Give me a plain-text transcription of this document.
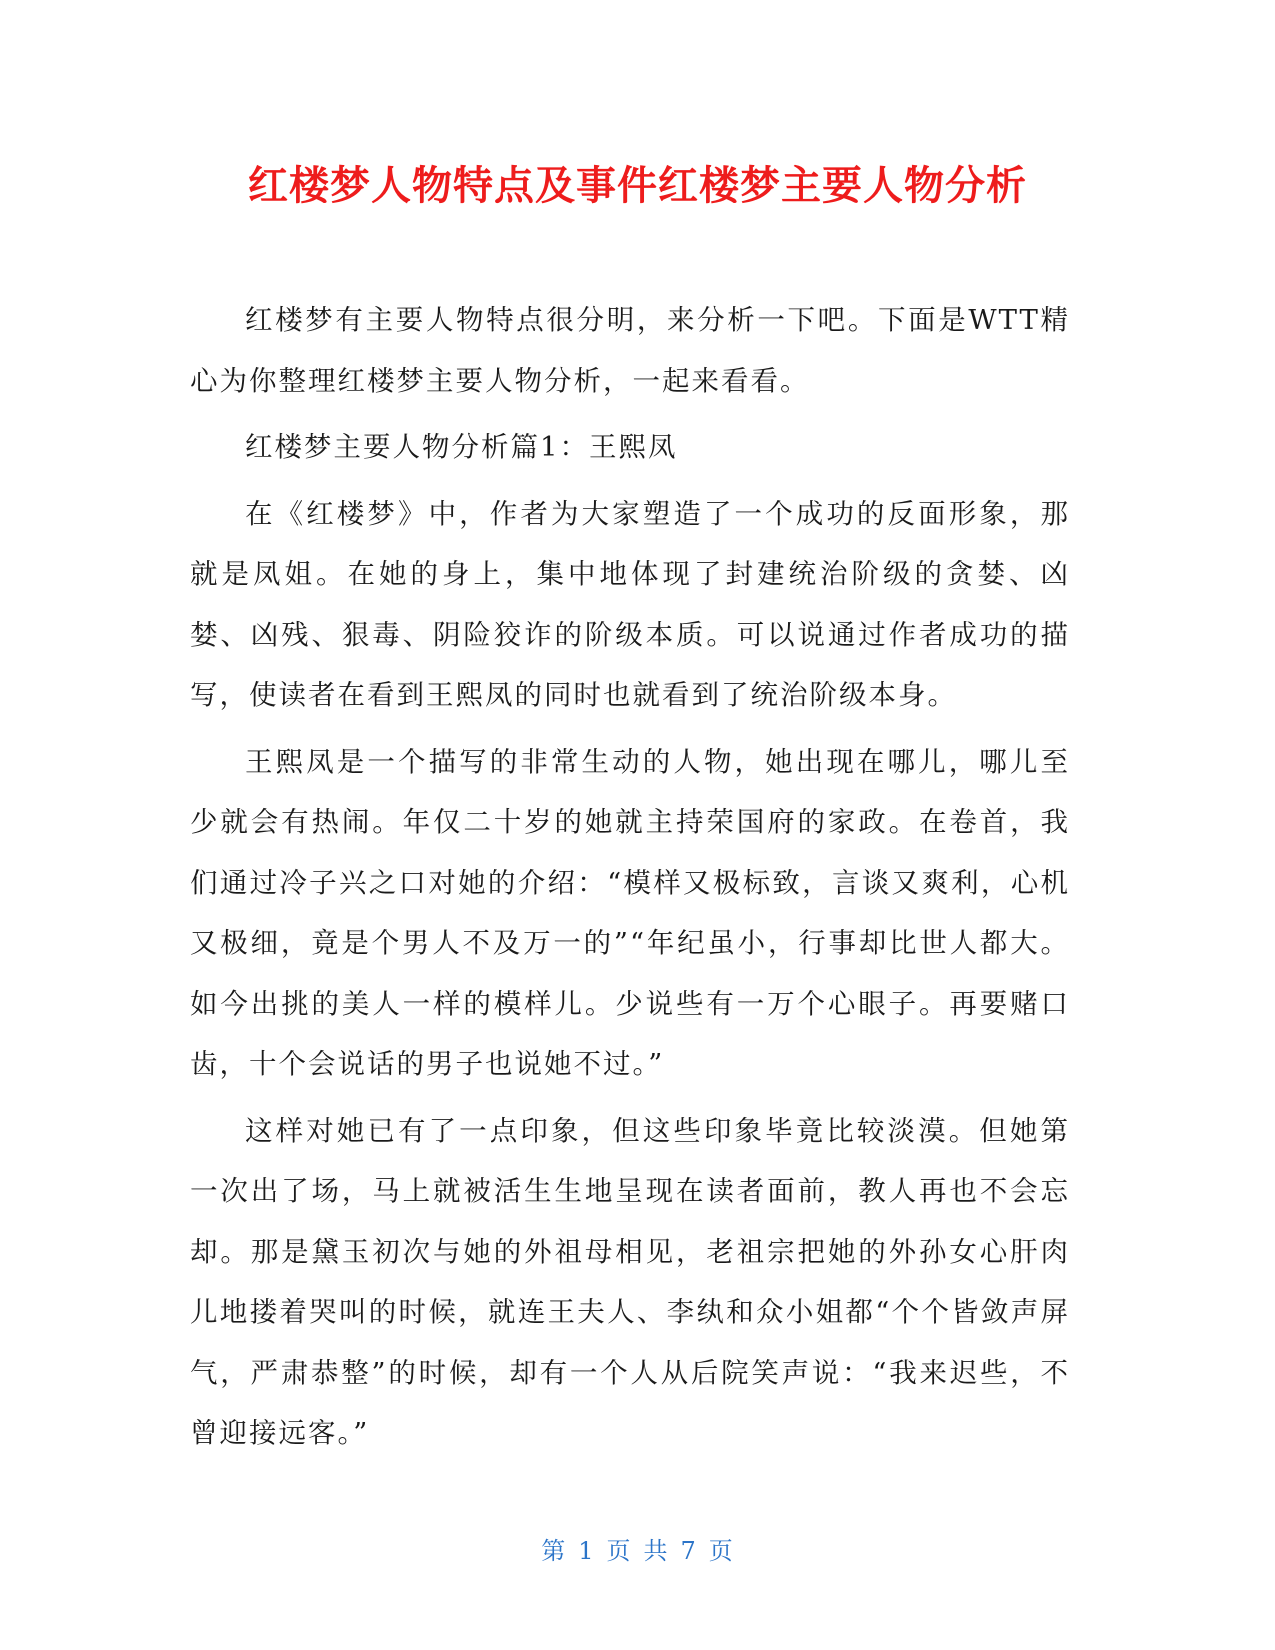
红楼梦人物特点及事件红楼梦主要人物分析

红楼梦有主要人物特点很分明，来分析一下吧。下面是WTT精心为你整理红楼梦主要人物分析，一起来看看。

红楼梦主要人物分析篇1：王熙凤

在《红楼梦》中，作者为大家塑造了一个成功的反面形象，那就是凤姐。在她的身上，集中地体现了封建统治阶级的贪婪、凶婪、凶残、狠毒、阴险狡诈的阶级本质。可以说通过作者成功的描写，使读者在看到王熙凤的同时也就看到了统治阶级本身。

王熙凤是一个描写的非常生动的人物，她出现在哪儿，哪儿至少就会有热闹。年仅二十岁的她就主持荣国府的家政。在卷首，我们通过冷子兴之口对她的介绍：“模样又极标致，言谈又爽利，心机又极细，竟是个男人不及万一的”“年纪虽小，行事却比世人都大。如今出挑的美人一样的模样儿。少说些有一万个心眼子。再要赌口齿，十个会说话的男子也说她不过。”

这样对她已有了一点印象，但这些印象毕竟比较淡漠。但她第一次出了场，马上就被活生生地呈现在读者面前，教人再也不会忘却。那是黛玉初次与她的外祖母相见，老祖宗把她的外孙女心肝肉儿地搂着哭叫的时候，就连王夫人、李纨和众小姐都“个个皆敛声屏气，严肃恭整”的时候，却有一个人从后院笑声说：“我来迟些，不曾迎接远客。”

第 1 页 共 7 页
